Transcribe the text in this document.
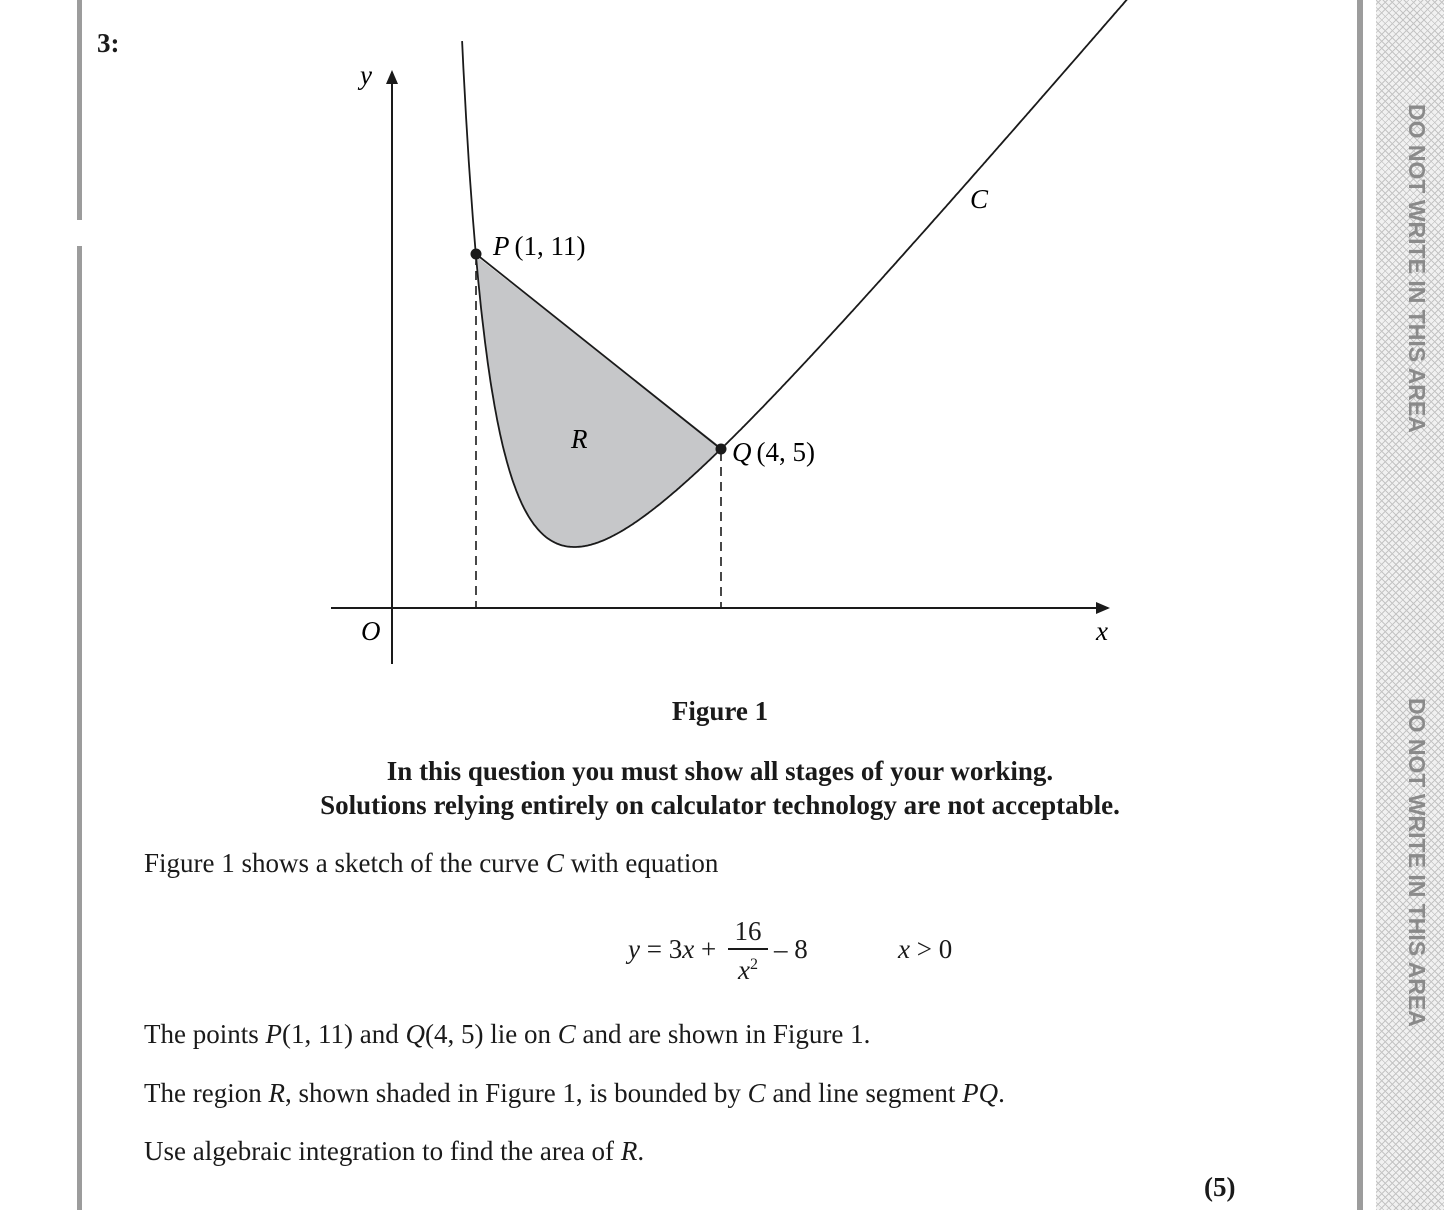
DO NOT WRITE IN THIS AREA
DO NOT WRITE IN THIS AREA
3:
y
x
O
C
R
P (1, 11)
Q (4, 5)
Figure 1
In this question you must show all stages of your working.
Solutions relying entirely on calculator technology are not acceptable.
Figure 1 shows a sketch of the curve C with equation
y = 3x +
16
$x^2 - 8$	x > 0
The points P(1, 11) and Q(4, 5) lie on C and are shown in Figure 1.
The region R, shown shaded in Figure 1, is bounded by C and line segment PQ.
Use algebraic integration to find the area of R.
(5)
